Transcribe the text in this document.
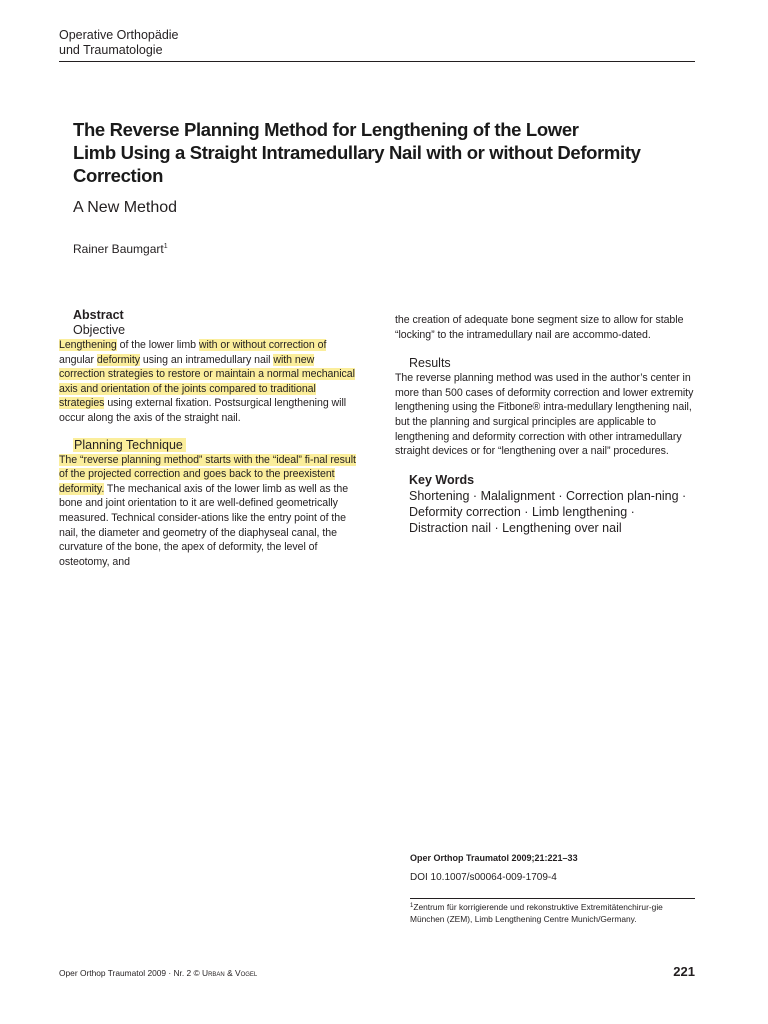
Operative Orthopädie
und Traumatologie
The Reverse Planning Method for Lengthening of the Lower
Limb Using a Straight Intramedullary Nail with or without Deformity
Correction
A New Method
Rainer Baumgart$^1$
Abstract
Objective

Lengthening of the lower limb with or without correction of angular deformity using an intramedullary nail with new correction strategies to restore or maintain a normal mechanical axis and orientation of the joints compared to traditional strategies using external fixation. Postsurgical lengthening will occur along the axis of the straight nail.

Planning Technique

The “reverse planning method” starts with the “ideal” fi-nal result of the projected correction and goes back to the preexistent deformity. The mechanical axis of the lower limb as well as the bone and joint orientation to it are well-defined geometrically measured. Technical consider-ations like the entry point of the nail, the diameter and geometry of the diaphyseal canal, the curvature of the bone, the apex of deformity, the level of osteotomy, and

the creation of adequate bone segment size to allow for stable “locking” to the intramedullary nail are accommo-dated.

Results

The reverse planning method was used in the author’s center in more than 500 cases of deformity correction and lower extremity lengthening using the Fitbone® intra-medullary lengthening nail, but the planning and surgical principles are applicable to lengthening and deformity correction with other intramedullary straight devices or for “lengthening over a nail” procedures.

Key Words

Shortening · Malalignment · Correction plan-ning · Deformity correction · Limb lengthening · Distraction nail · Lengthening over nail

Oper Orthop Traumatol 2009;21:221–33
DOI 10.1007/s00064-009-1709-4
$^1$Zentrum für korrigierende und rekonstruktive Extremitätenchirur-gie München (ZEM), Limb Lengthening Centre Munich/Germany.
Oper Orthop Traumatol 2009 · Nr. 2 © Urban & Vogel	221
